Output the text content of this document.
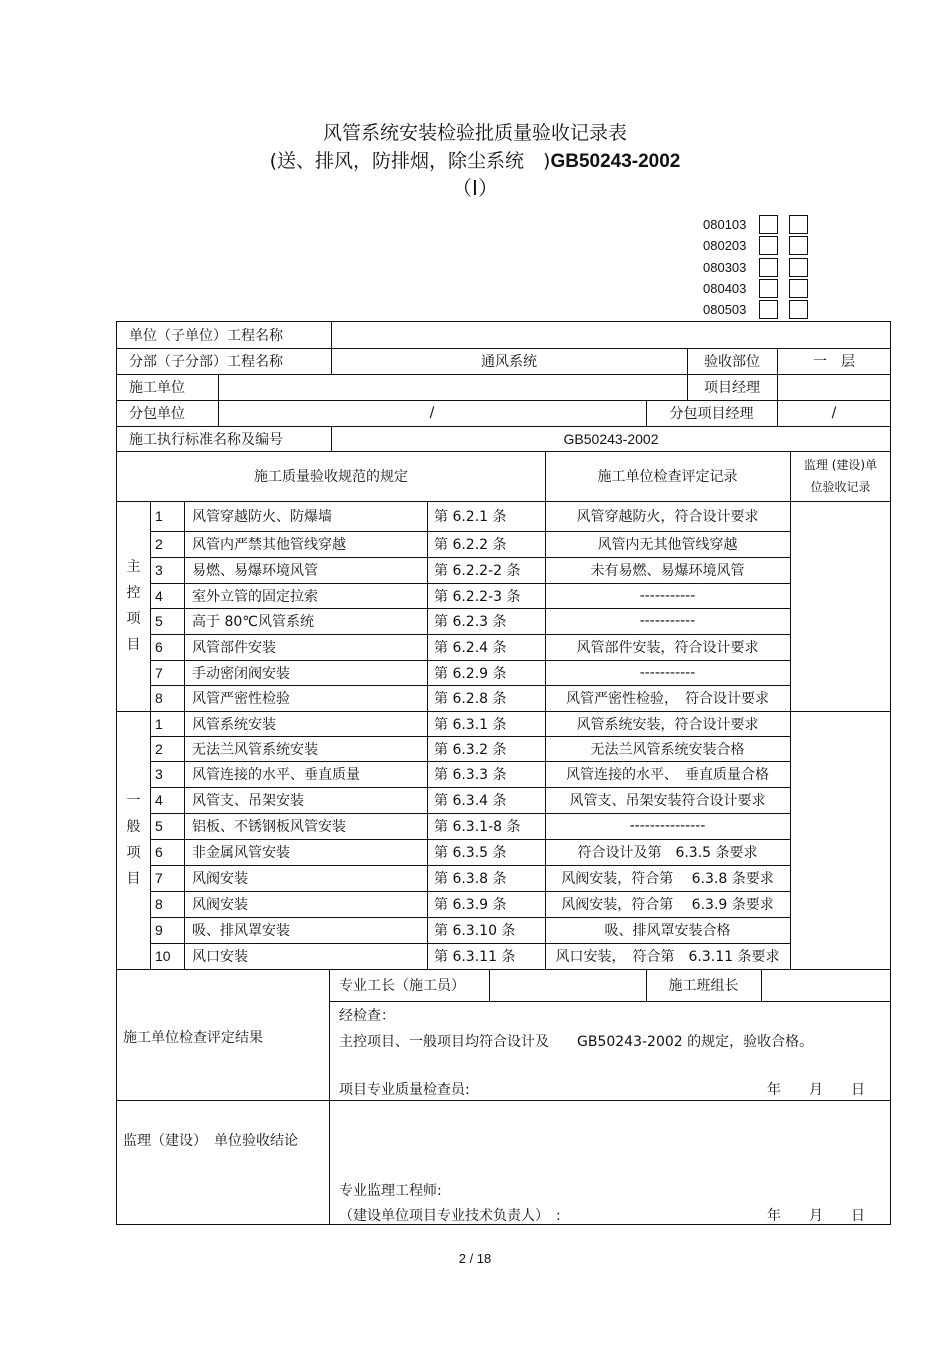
风管系统安装检验批质量验收记录表
(送、排风，防排烟，除尘系统　)GB50243-2002
（Ⅰ）
080103
080203
080303
080403
080503
单位（子单位）工程名称
分部（子分部）工程名称	通风系统	验收部位	一　层
施工单位	项目经理
分包单位	/	分包项目经理	/
施工执行标准名称及编号	GB50243-2002
施工质量验收规范的规定	施工单位检查评定记录
监理 (建设)单
位验收记录
主
控
项
目
一
般
项
目
1	风管穿越防火、防爆墙	第 6.2.1 条	风管穿越防火，符合设计要求
2	风管内严禁其他管线穿越	第 6.2.2 条	风管内无其他管线穿越
3	易燃、易爆环境风管	第 6.2.2-2 条	未有易燃、易爆环境风管
4	室外立管的固定拉索	第 6.2.2-3 条	-----------
5	高于 80℃风管系统	第 6.2.3 条	-----------
6	风管部件安装	第 6.2.4 条	风管部件安装，符合设计要求
7	手动密闭阀安装	第 6.2.9 条	-----------
8	风管严密性检验	第 6.2.8 条	风管严密性检验，　符合设计要求
1	风管系统安装	第 6.3.1 条	风管系统安装，符合设计要求
2	无法兰风管系统安装	第 6.3.2 条	无法兰风管系统安装合格
3	风管连接的水平、垂直质量	第 6.3.3 条	风管连接的水平、　垂直质量合格
4	风管支、吊架安装	第 6.3.4 条	风管支、吊架安装符合设计要求
5	铝板、不锈钢板风管安装	第 6.3.1-8 条	---------------
6	非金属风管安装	第 6.3.5 条	符合设计及第　6.3.5 条要求
7	风阀安装	第 6.3.8 条	风阀安装，符合第　 6.3.8 条要求
8	风阀安装	第 6.3.9 条	风阀安装，符合第　 6.3.9 条要求
9	吸、排风罩安装	第 6.3.10 条	吸、排风罩安装合格
10	风口安装	第 6.3.11 条	风口安装，　符合第　6.3.11 条要求
专业工长（施工员）	施工班组长
施工单位检查评定结果
经检查：
主控项目、一般项目均符合设计及　　GB50243-2002 的规定，验收合格。
项目专业质量检查员:	年　　月　　日
监理（建设）　单位验收结论
专业监理工程师:
（建设单位项目专业技术负责人）　:	年　　月　　日
2 / 18
